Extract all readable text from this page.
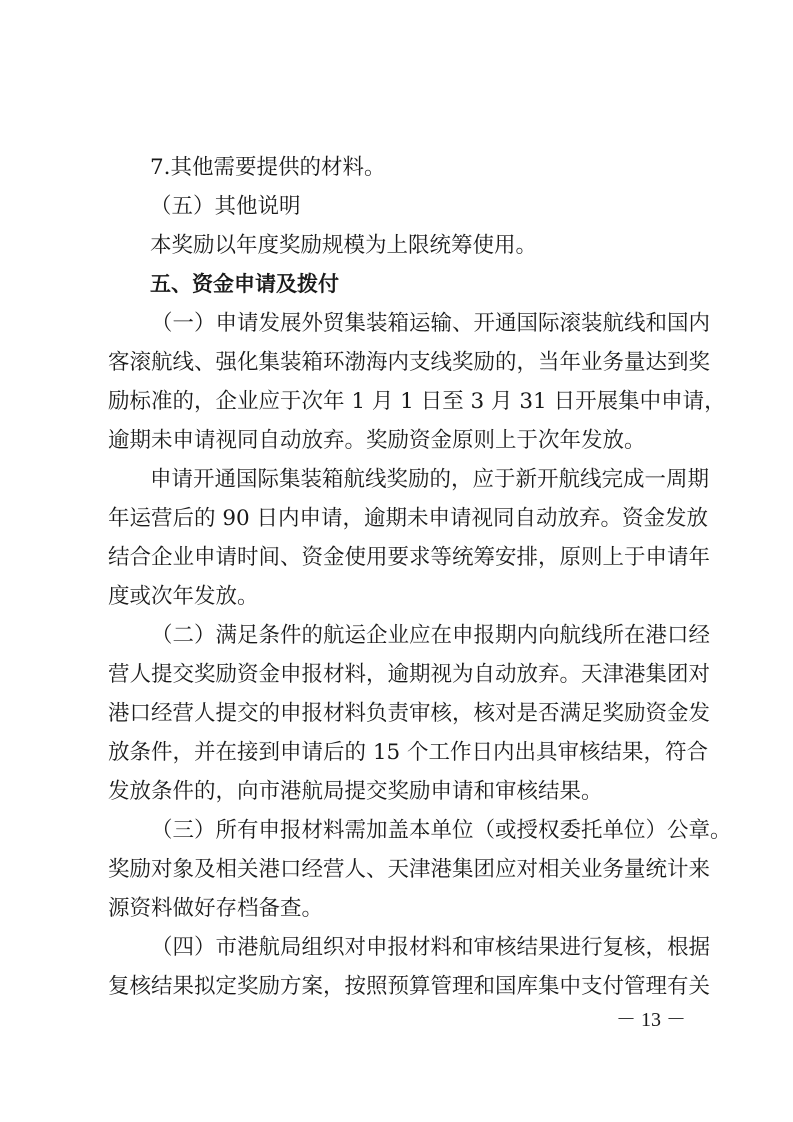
7.其他需要提供的材料。
（五）其他说明
本奖励以年度奖励规模为上限统筹使用。
五、资金申请及拨付
（一）申请发展外贸集装箱运输、开通国际滚装航线和国内
客滚航线、强化集装箱环渤海内支线奖励的，当年业务量达到奖
励标准的，企业应于次年 1 月 1 日至 3 月 31 日开展集中申请，
逾期未申请视同自动放弃。奖励资金原则上于次年发放。
申请开通国际集装箱航线奖励的，应于新开航线完成一周期
年运营后的 90 日内申请，逾期未申请视同自动放弃。资金发放
结合企业申请时间、资金使用要求等统筹安排，原则上于申请年
度或次年发放。
（二）满足条件的航运企业应在申报期内向航线所在港口经
营人提交奖励资金申报材料，逾期视为自动放弃。天津港集团对
港口经营人提交的申报材料负责审核，核对是否满足奖励资金发
放条件，并在接到申请后的 15 个工作日内出具审核结果，符合
发放条件的，向市港航局提交奖励申请和审核结果。
（三）所有申报材料需加盖本单位（或授权委托单位）公章。
奖励对象及相关港口经营人、天津港集团应对相关业务量统计来
源资料做好存档备查。
（四）市港航局组织对申报材料和审核结果进行复核，根据
复核结果拟定奖励方案，按照预算管理和国库集中支付管理有关
－ 13 －
